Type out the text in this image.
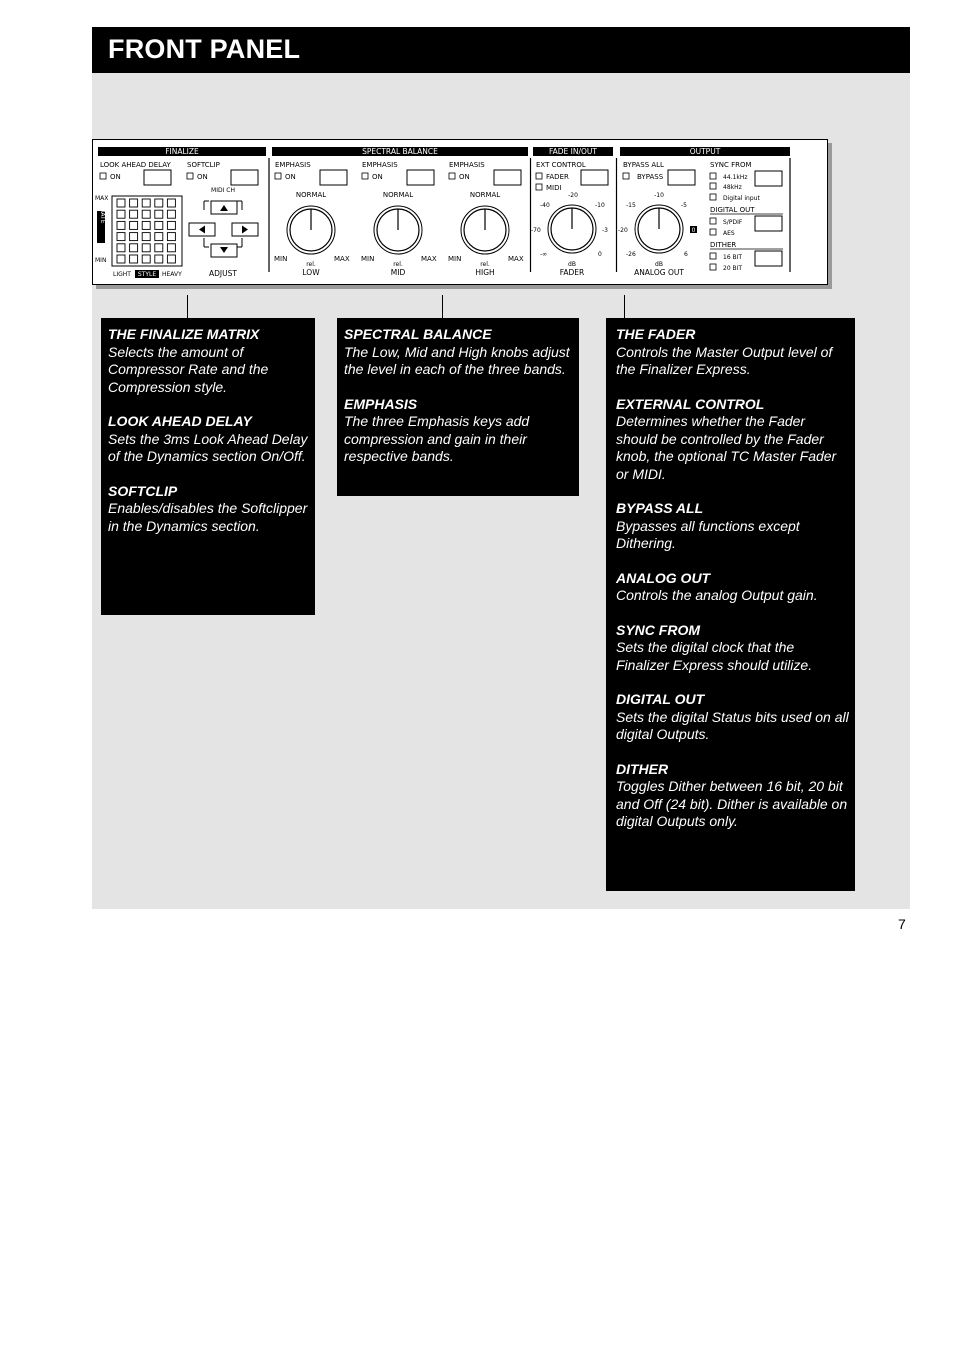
FRONT PANEL
FINALIZE	SPECTRAL BALANCE	FADE IN/OUT	OUTPUT
LOOK AHEAD DELAY
ON
SOFTCLIP
ON
MAX
MIN
RATE
LIGHT STYLE HEAVY
MIDI CH
ADJUST
EMPHASIS
ON
NORMAL
MIN	MAX
rel.
LOW
EMPHASIS
ON
NORMAL
MIN	MAX
rel.
MID
EMPHASIS
ON
NORMAL
MIN	MAX
rel.
HIGH
EXT CONTROL
FADER
MIDI
-20
-40	-10
-70	-3
-∞	0
dB
FADER
BYPASS ALL
BYPASS
-10
-15	-5
-20	0
-26	6
dB
ANALOG OUT
SYNC FROM
44.1kHz
48kHz
Digital input
DIGITAL OUT
S/PDIF
AES
DITHER
16 BIT
20 BIT
THE FINALIZE MATRIX
Selects the amount of Compressor Rate and the Compression style.
LOOK AHEAD DELAY
Sets the 3ms Look Ahead Delay of the Dynamics section On/Off.
SOFTCLIP
Enables/disables the Softclipper in the Dynamics section.
SPECTRAL BALANCE
The Low, Mid and High knobs adjust the level in each of the three bands.
EMPHASIS
The three Emphasis keys add compression and gain in their respective bands.
THE FADER
Controls the Master Output level of the Finalizer Express.
EXTERNAL CONTROL
Determines whether the Fader should be controlled by the Fader knob, the optional TC Master Fader or MIDI.
BYPASS ALL
Bypasses all functions except Dithering.
ANALOG OUT
Controls the analog Output gain.
SYNC FROM
Sets the digital clock that the Finalizer Express should utilize.
DIGITAL OUT
Sets the digital Status bits used on all digital Outputs.
DITHER
Toggles Dither between 16 bit, 20 bit and Off (24 bit). Dither is available on digital Outputs only.
7
